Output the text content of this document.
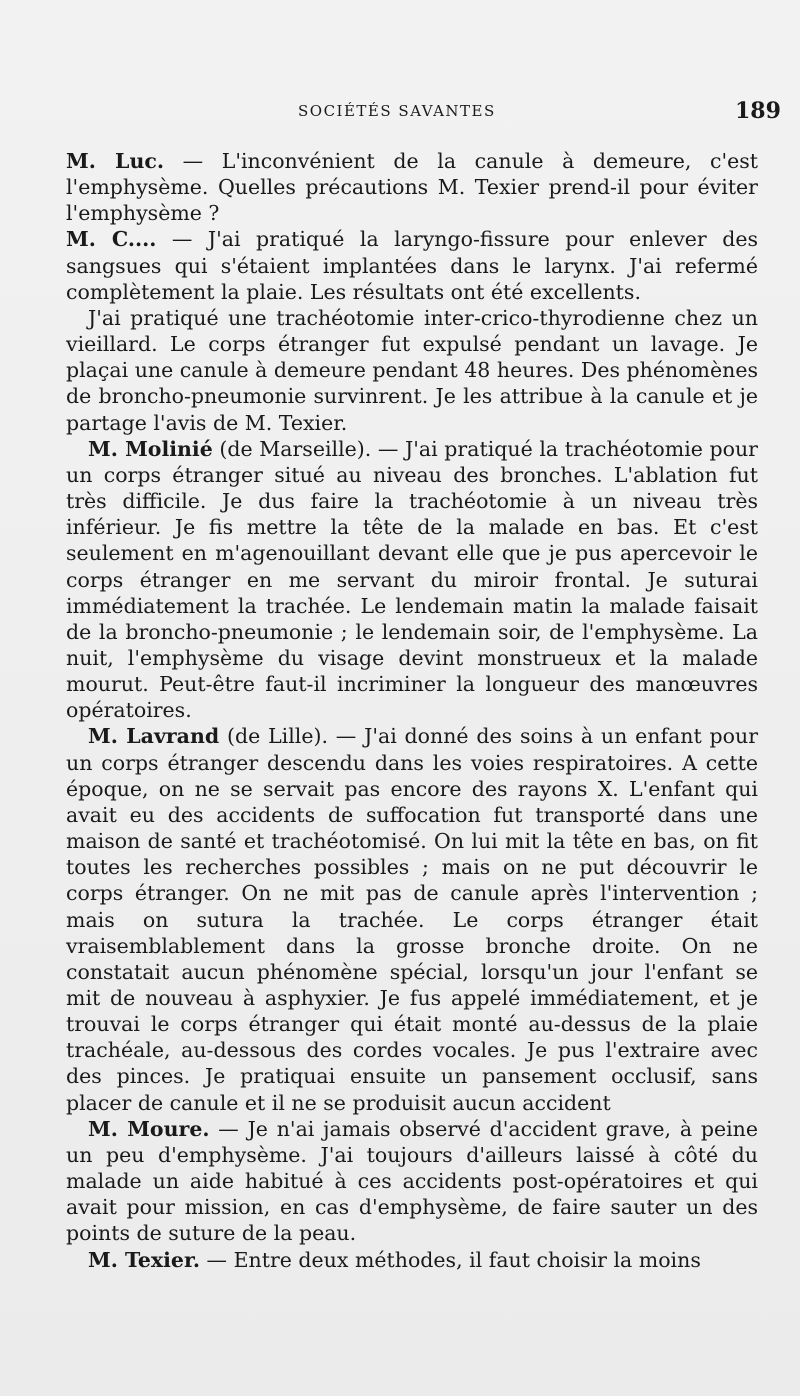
SOCIÉTÉS SAVANTES	189

M. Luc. — L'inconvénient de la canule à demeure, c'est l'emphysème. Quelles précautions M. Texier prend-il pour éviter l'emphysème ?

M. C.... — J'ai pratiqué la laryngo-fissure pour enlever des sangsues qui s'étaient implantées dans le larynx. J'ai refermé complètement la plaie. Les résultats ont été excellents.

J'ai pratiqué une trachéotomie inter-crico-thyrodienne chez un vieillard. Le corps étranger fut expulsé pendant un lavage. Je plaçai une canule à demeure pendant 48 heures. Des phénomènes de broncho-pneumonie survinrent. Je les attribue à la canule et je partage l'avis de M. Texier.

M. Molinié (de Marseille). — J'ai pratiqué la trachéotomie pour un corps étranger situé au niveau des bronches. L'ablation fut très difficile. Je dus faire la trachéotomie à un niveau très inférieur. Je fis mettre la tête de la malade en bas. Et c'est seulement en m'agenouillant devant elle que je pus apercevoir le corps étranger en me servant du miroir frontal. Je suturai immédiatement la trachée. Le lendemain matin la malade faisait de la broncho-pneumonie ; le lendemain soir, de l'emphysème. La nuit, l'emphysème du visage devint monstrueux et la malade mourut. Peut-être faut-il incriminer la longueur des manœuvres opératoires.

M. Lavrand (de Lille). — J'ai donné des soins à un enfant pour un corps étranger descendu dans les voies respiratoires. A cette époque, on ne se servait pas encore des rayons X. L'enfant qui avait eu des accidents de suffocation fut transporté dans une maison de santé et trachéotomisé. On lui mit la tête en bas, on fit toutes les recherches possibles ; mais on ne put découvrir le corps étranger. On ne mit pas de canule après l'intervention ; mais on sutura la trachée. Le corps étranger était vraisemblablement dans la grosse bronche droite. On ne constatait aucun phénomène spécial, lorsqu'un jour l'enfant se mit de nouveau à asphyxier. Je fus appelé immédiatement, et je trouvai le corps étranger qui était monté au-dessus de la plaie trachéale, au-dessous des cordes vocales. Je pus l'extraire avec des pinces. Je pratiquai ensuite un pansement occlusif, sans placer de canule et il ne se produisit aucun accident

M. Moure. — Je n'ai jamais observé d'accident grave, à peine un peu d'emphysème. J'ai toujours d'ailleurs laissé à côté du malade un aide habitué à ces accidents post-opératoires et qui avait pour mission, en cas d'emphysème, de faire sauter un des points de suture de la peau.

M. Texier. — Entre deux méthodes, il faut choisir la moins
